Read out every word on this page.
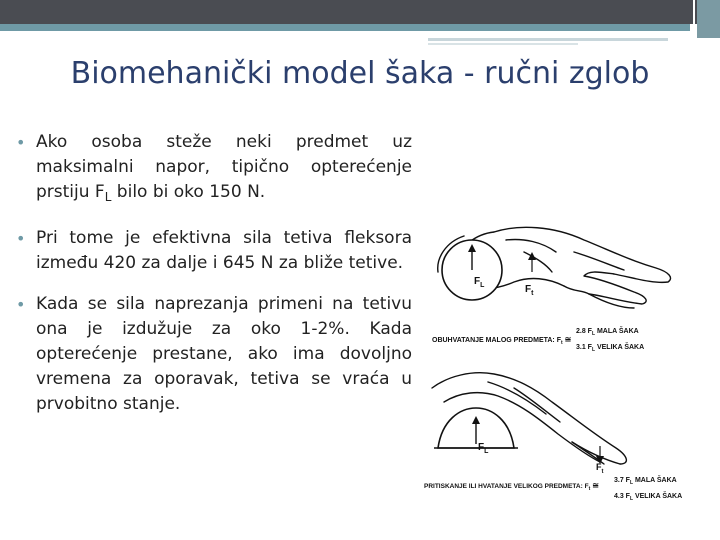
Biomehanički model šaka - ručni zglob
• Ako osoba steže neki predmet uz maksimalni napor, tipično opterećenje prstiju $F_L$ bilo bi oko 150 N.
• Pri tome je efektivna sila tetiva fleksora između 420 za dalje i 645 N za bliže tetive.
• Kada se sila naprezanja primeni na tetivu ona je izdužuje za oko 1-2%. Kada opterećenje prestane, ako ima dovoljno vremena za oporavak, tetiva se vraća u prvobitno stanje.
$F_L$	$F_t$
OBUHVATANJE MALOG PREDMETA: $F_t$ ≅
2.8 $F_L$ MALA ŠAKA
3.1 $F_L$ VELIKA ŠAKA
$F_L$
$F_t$
PRITISKANJE ILI HVATANJE VELIKOG PREDMETA: $F_t$ ≅
3.7 $F_L$ MALA ŠAKA
4.3 $F_L$ VELIKA ŠAKA
